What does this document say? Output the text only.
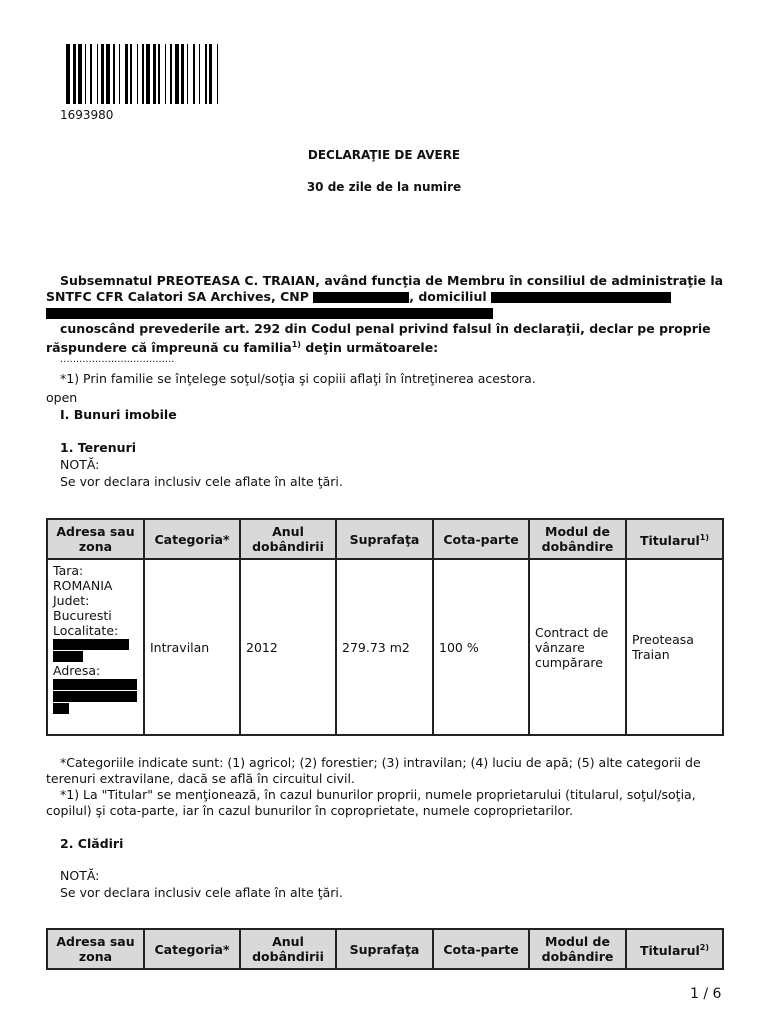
1693980
DECLARAŢIE DE AVERE
30 de zile de la numire
Subsemnatul PREOTEASA C. TRAIAN, având funcţia de Membru în consiliul de administraţie la
SNTFC CFR Calatori SA Archives, CNP	, domiciliul
cunoscând prevederile art. 292 din Codul penal privind falsul în declaraţii, declar pe proprie
răspundere că împreună cu familia$^{1)}$ deţin următoarele:
....................................
*1) Prin familie se înţelege soţul/soţia şi copiii aflaţi în întreţinerea acestora.
open
I. Bunuri imobile
1. Terenuri
NOTĂ:
Se vor declara inclusiv cele aflate în alte ţări.
Adresa sau zona	Categoria*	Anul dobândirii	Suprafaţa	Cota-parte	Modul de dobândire	Titularul$^{1)}$

Tara: ROMANIA
Judet: Bucuresti
Localitate:
Adresa:	Intravilan	2012	279.73 m2	100 %	Contract de vânzare cumpărare	Preoteasa Traian
*Categoriile indicate sunt: (1) agricol; (2) forestier; (3) intravilan; (4) luciu de apă; (5) alte categorii de
terenuri extravilane, dacă se află în circuitul civil.
*1) La "Titular" se menţionează, în cazul bunurilor proprii, numele proprietarului (titularul, soţul/soţia,
copilul) şi cota-parte, iar în cazul bunurilor în coproprietate, numele coproprietarilor.
2. Clădiri
NOTĂ:
Se vor declara inclusiv cele aflate în alte ţări.
Adresa sau zona	Categoria*	Anul dobândirii	Suprafaţa	Cota-parte	Modul de dobândire	Titularul$^{2)}$
1 / 6
